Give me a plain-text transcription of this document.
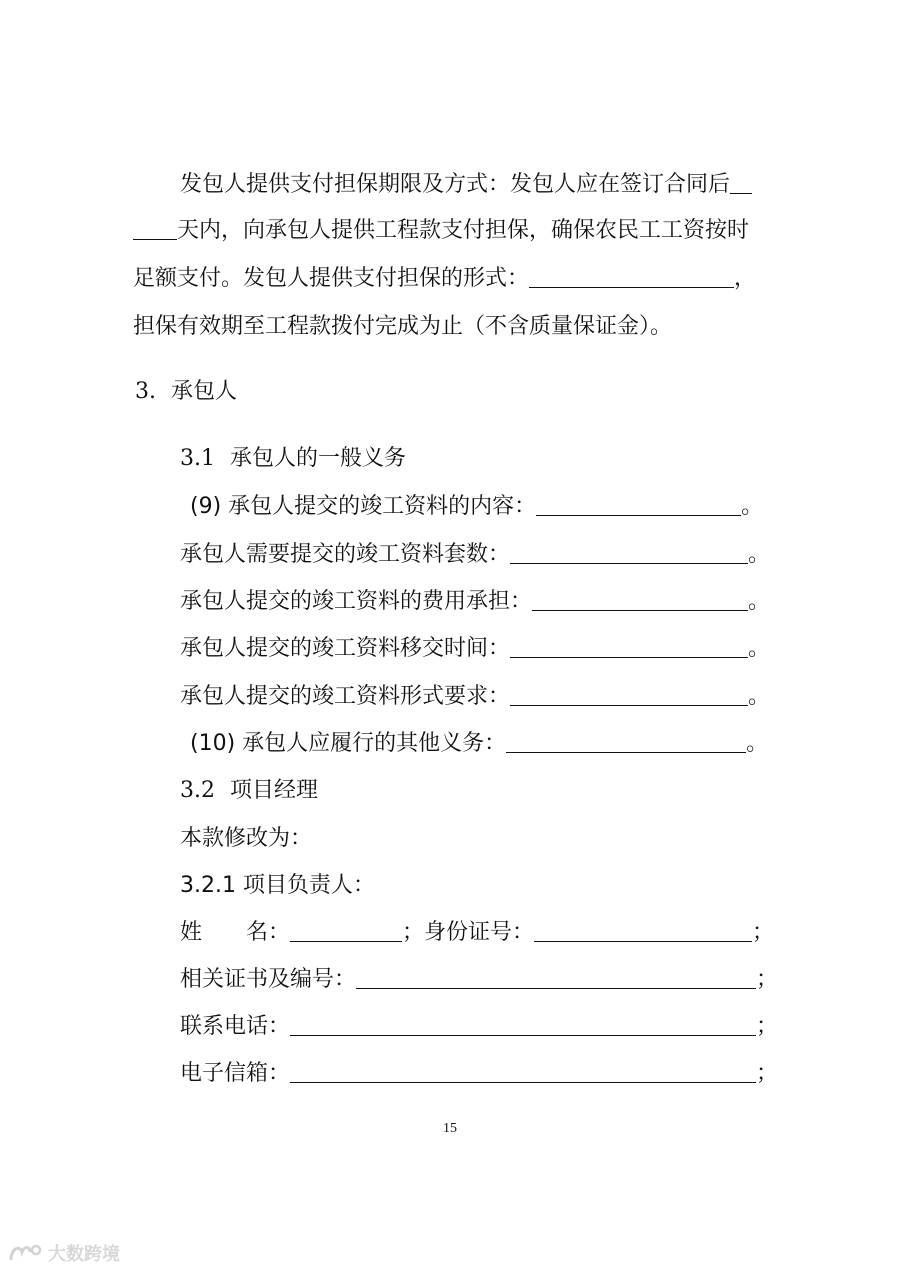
发包人提供支付担保期限及方式：发包人应在签订合同后
天内，向承包人提供工程款支付担保，确保农民工工资按时
足额支付。发包人提供支付担保的形式：	，
担保有效期至工程款拨付完成为止（不含质量保证金）。
3. 承包人
3.1 承包人的一般义务
(9) 承包人提交的竣工资料的内容：	。
承包人需要提交的竣工资料套数：	。
承包人提交的竣工资料的费用承担：	。
承包人提交的竣工资料移交时间：	。
承包人提交的竣工资料形式要求：	。
(10) 承包人应履行的其他义务：	。
3.2 项目经理
本款修改为：
3.2.1 项目负责人：
姓　　名：	；身份证号：	；
相关证书及编号：	；
联系电话：	；
电子信箱：	；
15
大数跨境
